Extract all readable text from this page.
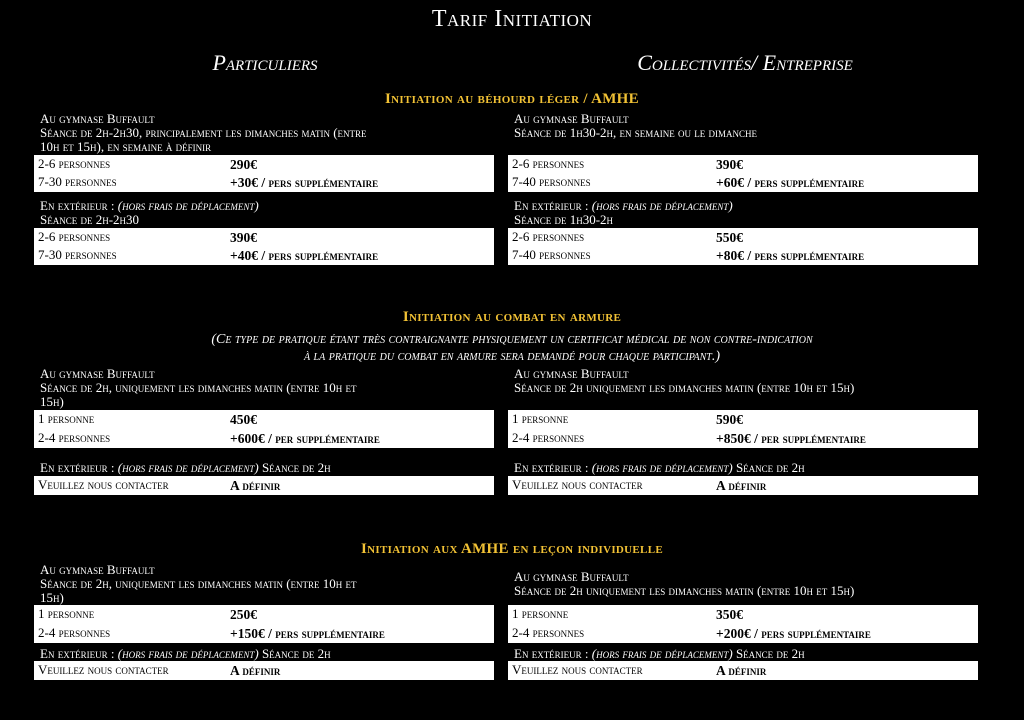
Tarif Initiation
Particuliers	Collectivités/ Entreprise
Initiation au béhourd léger / AMHE
Au gymnase Buffault
Séance de 2h-2h30, principalement les dimanches matin (entre
10h et 15h), en semaine à définir
2-6 personnes	290€
7-30 personnes	+30€ / pers supplémentaire
En extérieur : (hors frais de déplacement)
Séance de 2h-2h30
2-6 personnes	390€
7-30 personnes	+40€ / pers supplémentaire
Au gymnase Buffault
Séance de 1h30-2h, en semaine ou le dimanche
2-6 personnes	390€
7-40 personnes	+60€ / pers supplémentaire
En extérieur : (hors frais de déplacement)
Séance de 1h30-2h
2-6 personnes	550€
7-40 personnes	+80€ / pers supplémentaire
Initiation au combat en armure
(Ce type de pratique étant très contraignante physiquement un certificat médical de non contre-indication
à la pratique du combat en armure sera demandé pour chaque participant.)
Au gymnase Buffault
Séance de 2h, uniquement les dimanches matin (entre 10h et
15h)
1 personne	450€
2-4 personnes	+600€ / per supplémentaire
En extérieur : (hors frais de déplacement) Séance de 2h
Veuillez nous contacter	A définir
Au gymnase Buffault
Séance de 2h uniquement les dimanches matin (entre 10h et 15h)
1 personne	590€
2-4 personnes	+850€ / per supplémentaire
En extérieur : (hors frais de déplacement) Séance de 2h
Veuillez nous contacter	A définir
Initiation aux AMHE en leçon individuelle
Au gymnase Buffault
Séance de 2h, uniquement les dimanches matin (entre 10h et
15h)
1 personne	250€
2-4 personnes	+150€ / pers supplémentaire
En extérieur : (hors frais de déplacement) Séance de 2h
Veuillez nous contacter	A définir
Au gymnase Buffault
Séance de 2h uniquement les dimanches matin (entre 10h et 15h)
1 personne	350€
2-4 personnes	+200€ / pers supplémentaire
En extérieur : (hors frais de déplacement) Séance de 2h
Veuillez nous contacter	A définir
